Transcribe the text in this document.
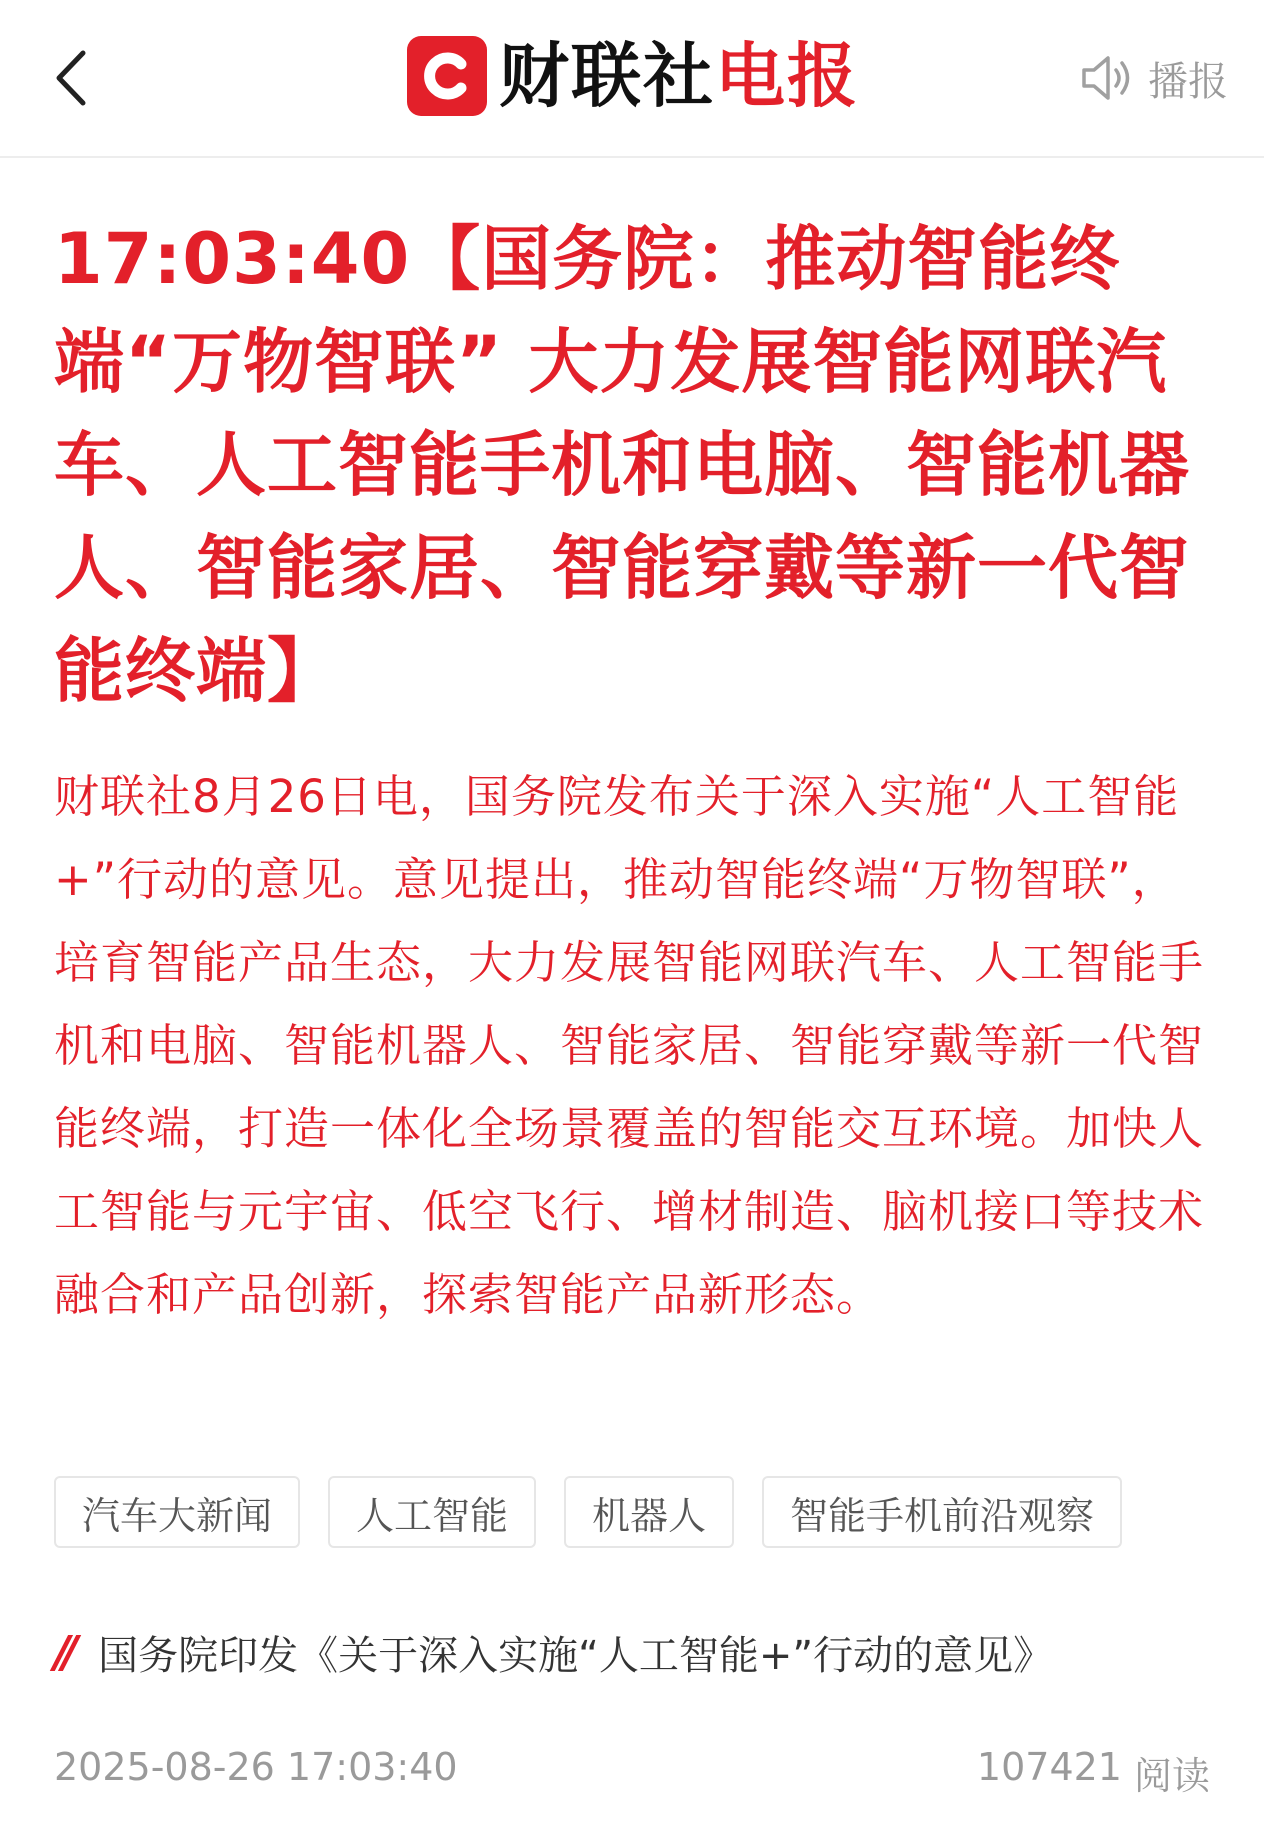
财联社电报	播报
17:03:40【国务院：推动智能终端“万物智联” 大力发展智能网联汽车、人工智能手机和电脑、智能机器人、智能家居、智能穿戴等新一代智能终端】
财联社8月26日电，国务院发布关于深入实施“人工智能+”行动的意见。意见提出，推动智能终端“万物智联”，培育智能产品生态，大力发展智能网联汽车、人工智能手机和电脑、智能机器人、智能家居、智能穿戴等新一代智能终端，打造一体化全场景覆盖的智能交互环境。加快人工智能与元宇宙、低空飞行、增材制造、脑机接口等技术融合和产品创新，探索智能产品新形态。
汽车大新闻	人工智能	机器人	智能手机前沿观察
// 国务院印发《关于深入实施“人工智能+”行动的意见》
2025-08-26 17:03:40	107421 阅读
